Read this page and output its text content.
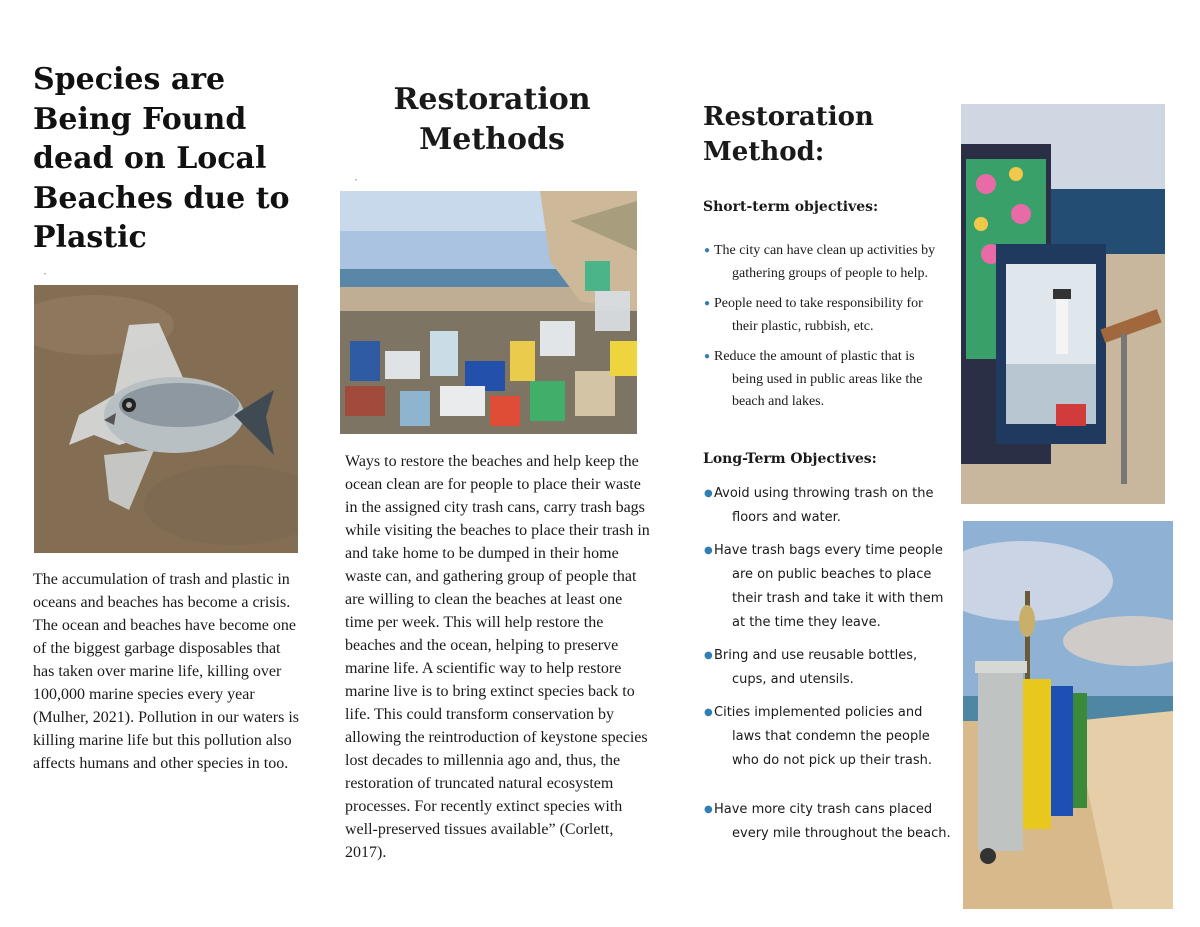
Species are Being Found dead on Local Beaches due to Plastic
•
The accumulation of trash and plastic in oceans and beaches has become a crisis. The ocean and beaches have become one of the biggest garbage disposables that has taken over marine life, killing over 100,000 marine species every year (Mulher, 2021). Pollution in our waters is killing marine life but this pollution also affects humans and other species in too.
Restoration Methods
•
Ways to restore the beaches and help keep the ocean clean are for people to place their waste in the assigned city trash cans, carry trash bags while visiting the beaches to place their trash in and take home to be dumped in their home waste can, and gathering group of people that are willing to clean the beaches at least one time per week. This will help restore the beaches and the ocean, helping to preserve marine life. A scientific way to help restore marine live is to bring extinct species back to life. This could transform conservation by allowing the reintroduction of keystone species lost decades to millennia ago and, thus, the restoration of truncated natural ecosystem processes. For recently extinct species with well-preserved tissues available” (Corlett, 2017).
Restoration Method:
Short-term objectives:
● The city can have clean up activities by gathering groups of people to help.
● People need to take responsibility for their plastic, rubbish, etc.
● Reduce the amount of plastic that is being used in public areas like the beach and lakes.
Long-Term Objectives:
● Avoid using throwing trash on the floors and water.
● Have trash bags every time people are on public beaches to place their trash and take it with them at the time they leave.
● Bring and use reusable bottles, cups, and utensils.
● Cities implemented policies and laws that condemn the people who do not pick up their trash.
● Have more city trash cans placed every mile throughout the beach.
